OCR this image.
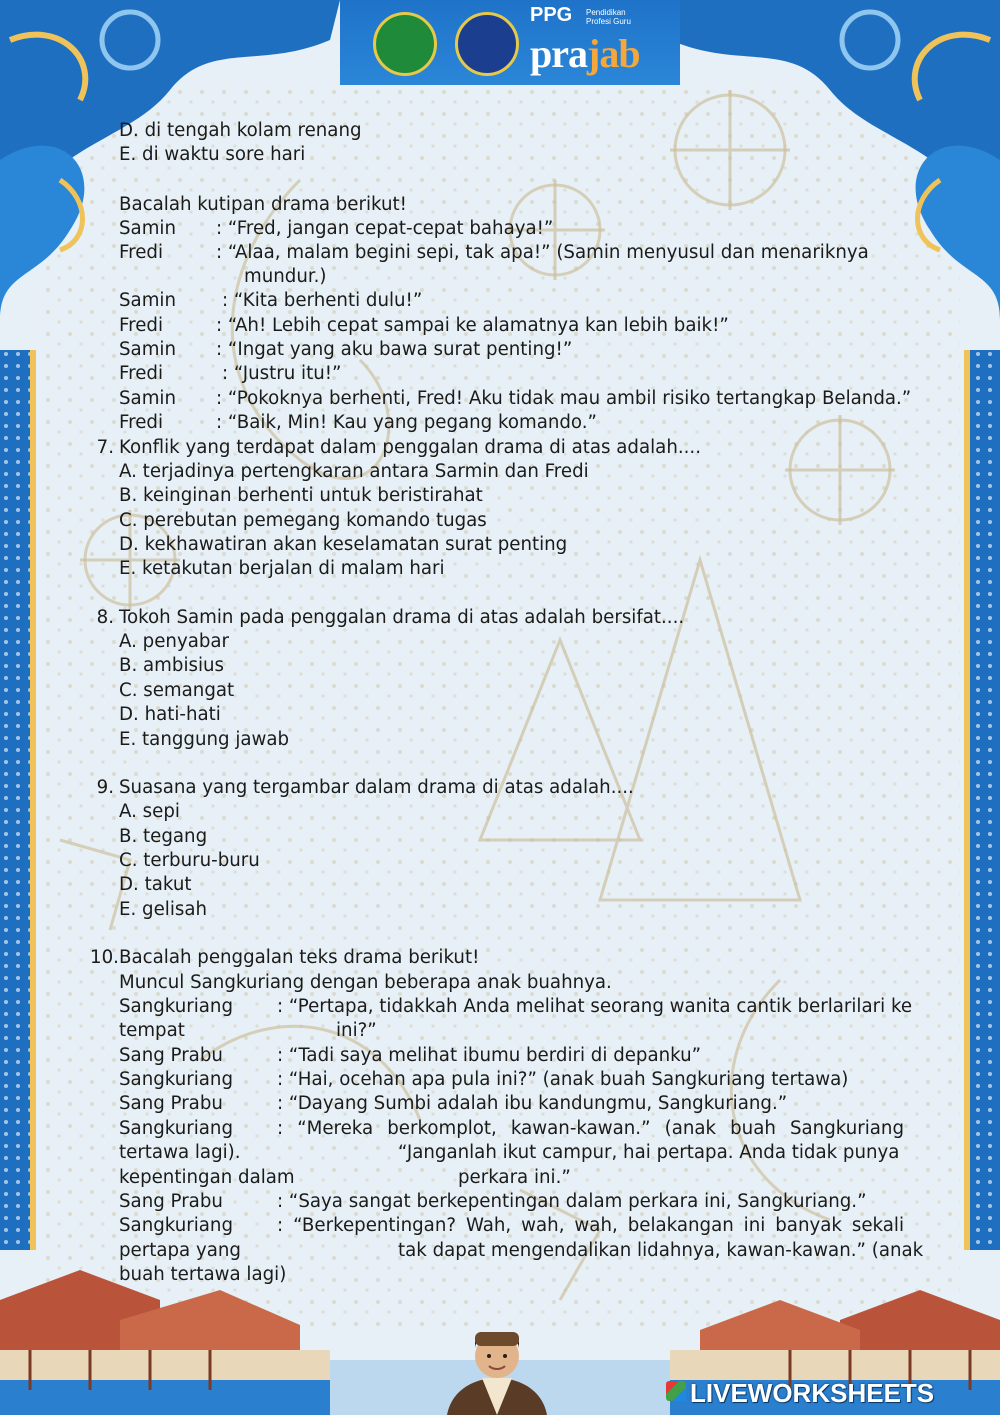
PPG Pendidikan
Profesi Guru
prajab
D. di tengah kolam renang
E. di waktu sore hari
Bacalah kutipan drama berikut!
Samin : “Fred, jangan cepat-cepat bahaya!”
Fredi	: “Alaa, malam begini sepi, tak apa!” (Samin menyusul dan menariknya
mundur.)
Samin	: “Kita berhenti dulu!”
Fredi	: “Ah! Lebih cepat sampai ke alamatnya kan lebih baik!”
Samin : “Ingat yang aku bawa surat penting!”
Fredi	: “Justru itu!”
Samin : “Pokoknya berhenti, Fred! Aku tidak mau ambil risiko tertangkap Belanda.”
Fredi	: “Baik, Min! Kau yang pegang komando.”
7. Konflik yang terdapat dalam penggalan drama di atas adalah....
A. terjadinya pertengkaran antara Sarmin dan Fredi
B. keinginan berhenti untuk beristirahat
C. perebutan pemegang komando tugas
D. kekhawatiran akan keselamatan surat penting
E. ketakutan berjalan di malam hari
8. Tokoh Samin pada penggalan drama di atas adalah bersifat....
A. penyabar
B. ambisius
C. semangat
D. hati-hati
E. tanggung jawab
9. Suasana yang tergambar dalam drama di atas adalah....
A. sepi
B. tegang
C. terburu-buru
D. takut
E. gelisah
10. Bacalah penggalan teks drama berikut!
Muncul Sangkuriang dengan beberapa anak buahnya.
Sangkuriang : “Pertapa, tidakkah Anda melihat seorang wanita cantik berlarilari ke
tempat	ini?”
Sang Prabu	: “Tadi saya melihat ibumu berdiri di depanku”
Sangkuriang : “Hai, ocehan apa pula ini?” (anak buah Sangkuriang tertawa)
Sang Prabu	: “Dayang Sumbi adalah ibu kandungmu, Sangkuriang.”
Sangkuriang : “Mereka berkomplot, kawan-kawan.” (anak buah Sangkuriang
tertawa lagi).	“Janganlah ikut campur, hai pertapa. Anda tidak punya
kepentingan dalam	perkara ini.”
Sang Prabu	: “Saya sangat berkepentingan dalam perkara ini, Sangkuriang.”
Sangkuriang : “Berkepentingan? Wah, wah, wah, belakangan ini banyak sekali
pertapa yang	tak dapat mengendalikan lidahnya, kawan-kawan.” (anak
buah tertawa lagi)
LIVEWORKSHEETS
